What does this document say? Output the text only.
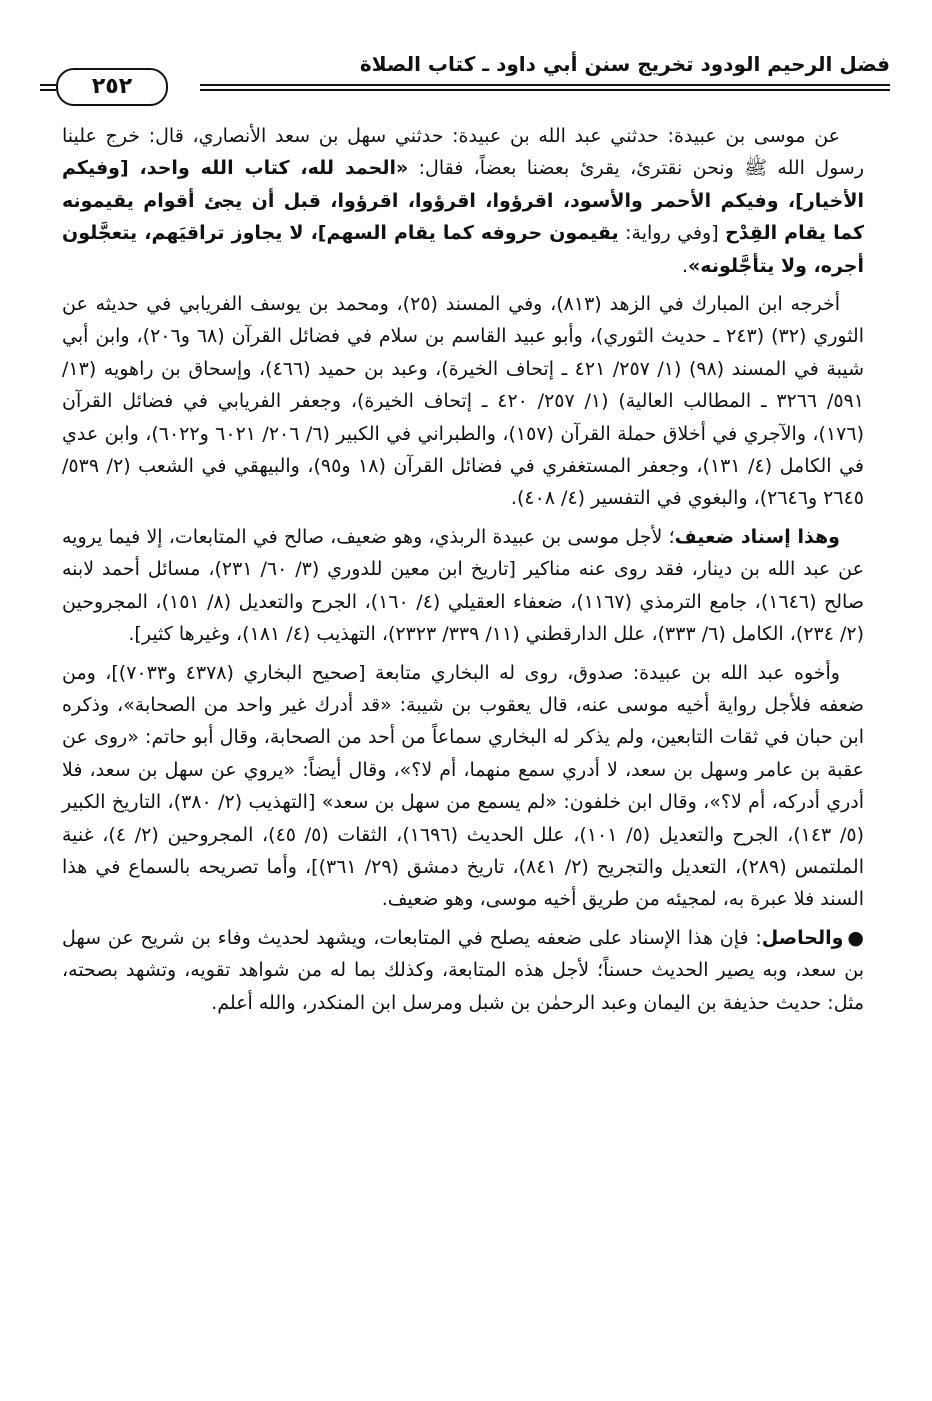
فضل الرحيم الودود تخريج سنن أبي داود ـ كتاب الصلاة
٢٥٢

عن موسى بن عبيدة: حدثني عبد الله بن عبيدة: حدثني سهل بن سعد الأنصاري، قال: خرج علينا رسول الله ﷺ ونحن نقترئ، يقرئ بعضنا بعضاً، فقال: «الحمد لله، كتاب الله واحد، [وفيكم الأخيار]، وفيكم الأحمر والأسود، اقرؤوا، اقرؤوا، اقرؤوا، قبل أن يجئ أقوام يقيمونه كما يقام القِدْح [وفي رواية: يقيمون حروفه كما يقام السهم]، لا يجاوز تراقيَهم، يتعجَّلون أجره، ولا يتأجَّلونه».

أخرجه ابن المبارك في الزهد (٨١٣)، وفي المسند (٢٥)، ومحمد بن يوسف الفريابي في حديثه عن الثوري (٣٢) (٢٤٣ ـ حديث الثوري)، وأبو عبيد القاسم بن سلام في فضائل القرآن (٦٨ و٢٠٦)، وابن أبي شيبة في المسند (٩٨) (١/ ٢٥٧/ ٤٢١ ـ إتحاف الخيرة)، وعبد بن حميد (٤٦٦)، وإسحاق بن راهويه (١٣/ ٥٩١/ ٣٢٦٦ ـ المطالب العالية) (١/ ٢٥٧/ ٤٢٠ ـ إتحاف الخيرة)، وجعفر الفريابي في فضائل القرآن (١٧٦)، والآجري في أخلاق حملة القرآن (١٥٧)، والطبراني في الكبير (٦/ ٢٠٦/ ٦٠٢١ و٦٠٢٢)، وابن عدي في الكامل (٤/ ١٣١)، وجعفر المستغفري في فضائل القرآن (١٨ و٩٥)، والبيهقي في الشعب (٢/ ٥٣٩/ ٢٦٤٥ و٢٦٤٦)، والبغوي في التفسير (٤/ ٤٠٨).

وهذا إسناد ضعيف؛ لأجل موسى بن عبيدة الربذي، وهو ضعيف، صالح في المتابعات، إلا فيما يرويه عن عبد الله بن دينار، فقد روى عنه مناكير [تاريخ ابن معين للدوري (٣/ ٦٠/ ٢٣١)، مسائل أحمد لابنه صالح (١٦٤٦)، جامع الترمذي (١١٦٧)، ضعفاء العقيلي (٤/ ١٦٠)، الجرح والتعديل (٨/ ١٥١)، المجروحين (٢/ ٢٣٤)، الكامل (٦/ ٣٣٣)، علل الدارقطني (١١/ ٣٣٩/ ٢٣٢٣)، التهذيب (٤/ ١٨١)، وغيرها كثير].

وأخوه عبد الله بن عبيدة: صدوق، روى له البخاري متابعة [صحيح البخاري (٤٣٧٨ و٧٠٣٣)]، ومن ضعفه فلأجل رواية أخيه موسى عنه، قال يعقوب بن شيبة: «قد أدرك غير واحد من الصحابة»، وذكره ابن حبان في ثقات التابعين، ولم يذكر له البخاري سماعاً من أحد من الصحابة، وقال أبو حاتم: «روى عن عقبة بن عامر وسهل بن سعد، لا أدري سمع منهما، أم لا؟»، وقال أيضاً: «يروي عن سهل بن سعد، فلا أدري أدركه، أم لا؟»، وقال ابن خلفون: «لم يسمع من سهل بن سعد» [التهذيب (٢/ ٣٨٠)، التاريخ الكبير (٥/ ١٤٣)، الجرح والتعديل (٥/ ١٠١)، علل الحديث (١٦٩٦)، الثقات (٥/ ٤٥)، المجروحين (٢/ ٤)، غنية الملتمس (٢٨٩)، التعديل والتجريح (٢/ ٨٤١)، تاريخ دمشق (٢٩/ ٣٦١)]، وأما تصريحه بالسماع في هذا السند فلا عبرة به، لمجيئه من طريق أخيه موسى، وهو ضعيف.

●والحاصل: فإن هذا الإسناد على ضعفه يصلح في المتابعات، ويشهد لحديث وفاء بن شريح عن سهل بن سعد، وبه يصير الحديث حسناً؛ لأجل هذه المتابعة، وكذلك بما له من شواهد تقويه، وتشهد بصحته، مثل: حديث حذيفة بن اليمان وعبد الرحمٰن بن شبل ومرسل ابن المنكدر، والله أعلم.
